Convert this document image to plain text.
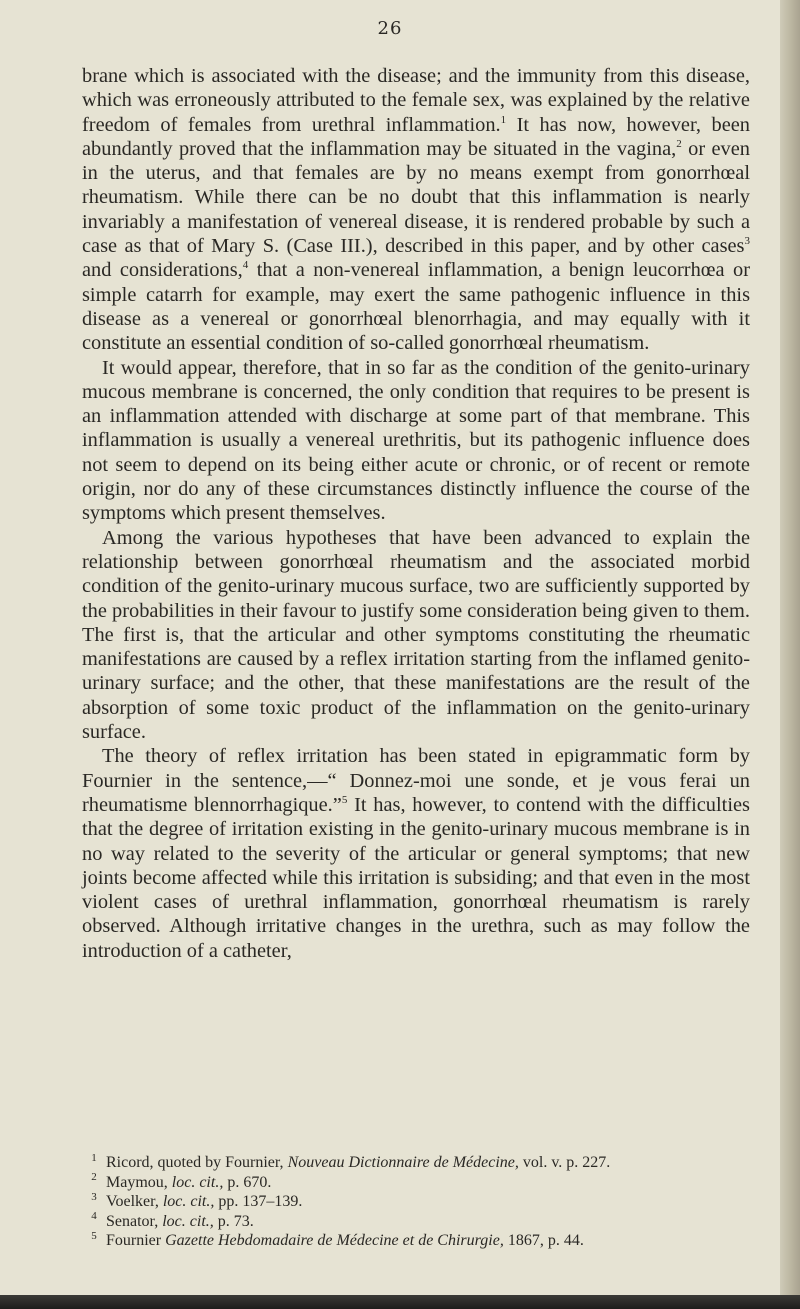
26

brane which is associated with the disease; and the immunity from this disease, which was erroneously attributed to the female sex, was explained by the relative freedom of females from urethral inflammation.$^1$ It has now, however, been abundantly proved that the inflammation may be situated in the vagina,$^2$ or even in the uterus, and that females are by no means exempt from gonorrhœal rheumatism. While there can be no doubt that this inflammation is nearly invariably a manifestation of venereal disease, it is rendered probable by such a case as that of Mary S. (Case III.), described in this paper, and by other cases$^3$ and considerations,$^4$ that a non-venereal inflammation, a benign leucorrhœa or simple catarrh for example, may exert the same pathogenic influence in this disease as a venereal or gonorrhœal blenorrhagia, and may equally with it constitute an essential condition of so-called gonorrhœal rheumatism.

It would appear, therefore, that in so far as the condition of the genito-urinary mucous membrane is concerned, the only condition that requires to be present is an inflammation attended with discharge at some part of that membrane. This inflammation is usually a venereal urethritis, but its pathogenic influence does not seem to depend on its being either acute or chronic, or of recent or remote origin, nor do any of these circumstances distinctly influence the course of the symptoms which present themselves.

Among the various hypotheses that have been advanced to explain the relationship between gonorrhœal rheumatism and the associated morbid condition of the genito-urinary mucous surface, two are sufficiently supported by the probabilities in their favour to justify some consideration being given to them. The first is, that the articular and other symptoms constituting the rheumatic manifestations are caused by a reflex irritation starting from the inflamed genito-urinary surface; and the other, that these manifestations are the result of the absorption of some toxic product of the inflammation on the genito-urinary surface.

The theory of reflex irritation has been stated in epigrammatic form by Fournier in the sentence,—“ Donnez-moi une sonde, et je vous ferai un rheumatisme blennorrhagique.”$^5$ It has, however, to contend with the difficulties that the degree of irritation existing in the genito-urinary mucous membrane is in no way related to the severity of the articular or general symptoms; that new joints become affected while this irritation is subsiding; and that even in the most violent cases of urethral inflammation, gonorrhœal rheumatism is rarely observed. Although irritative changes in the urethra, such as may follow the introduction of a catheter,

1 Ricord, quoted by Fournier, Nouveau Dictionnaire de Médecine, vol. v. p. 227.
2 Maymou, loc. cit., p. 670.
3 Voelker, loc. cit., pp. 137–139.
4 Senator, loc. cit., p. 73.
5 Fournier Gazette Hebdomadaire de Médecine et de Chirurgie, 1867, p. 44.
